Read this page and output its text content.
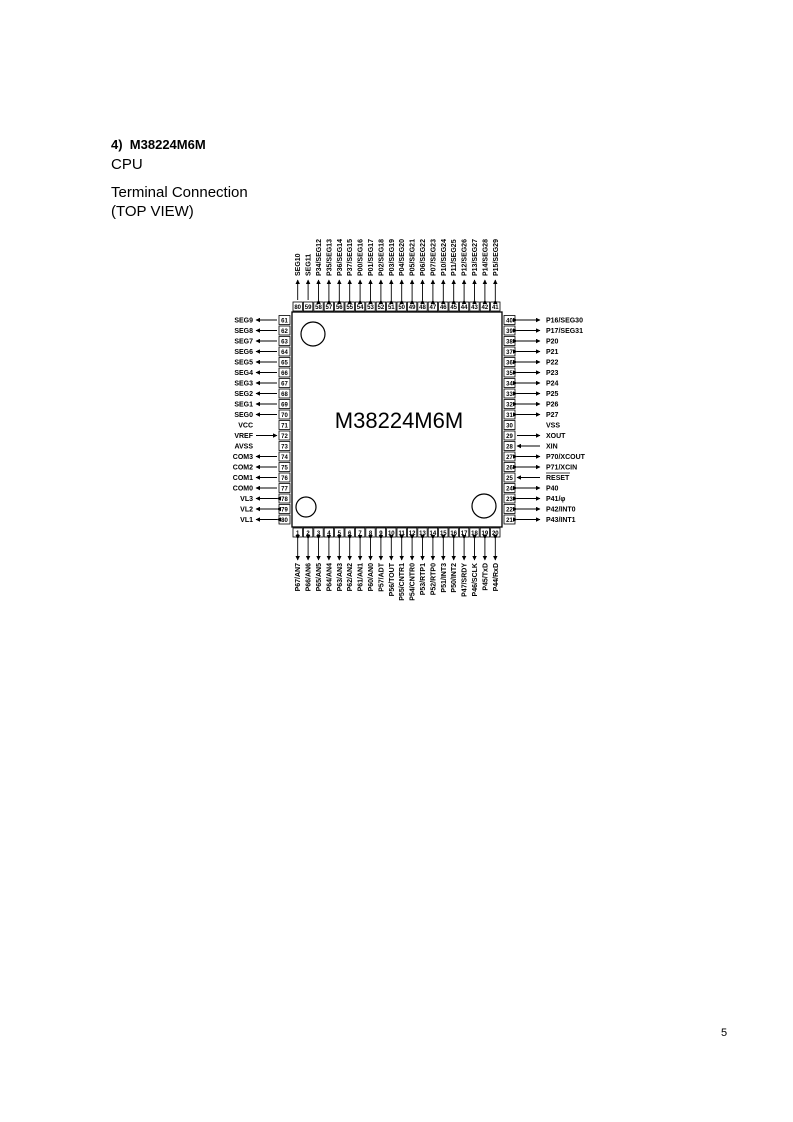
4) M38224M6M
CPU
Terminal Connection
(TOP VIEW)
M38224M6M
80
SEG10
59
SEG11
58
P34/SEG12
57
P35/SEG13
56
P36/SEG14
55
P37/SEG15
54
P00/SEG16
53
P01/SEG17
52
P02/SEG18
51
P03/SEG19
50
P04/SEG20
49
P05/SEG21
48
P06/SEG22
47
P07/SEG23
46
P10/SEG24
45
P11/SEG25
44
P12/SEG26
43
P13/SEG27
42
P14/SEG28
41
P15/SEG29
1
P67/AN7
2
P66/AN6
3
P65/AN5
4
P64/AN4
5
P63/AN3
6
P62/AN2
7
P61/AN1
8
P60/AN0
9
P57/ADT
10
P56/TOUT
11
P55/CNTR1
12
P54/CNTR0
13
P53/RTP1
14
P52/RTP0
15
P51/INT3
16
P50/INT2
17
P47/SRDY
18
P46/SCLK
19
P45/TxD
20
P44/RxD
61
SEG9
62
SEG8
63
SEG7
64
SEG6
65
SEG5
66
SEG4
67
SEG3
68
SEG2
69
SEG1
70
SEG0
71
VCC
72
VREF
73
AVSS
74
COM3
75
COM2
76
COM1
77
COM0
78
VL3
79
VL2
80
VL1
40	P16/SEG30
39	P17/SEG31
38	P20
37	P21
36	P22
35	P23
34	P24
33	P25
32	P26
31	P27
30	VSS
29	XOUT
28	XIN
27	P70/XCOUT
26	P71/XCIN
25	RESET
24	P40
23	P41/φ
22	P42/INT0
21	P43/INT1
5
